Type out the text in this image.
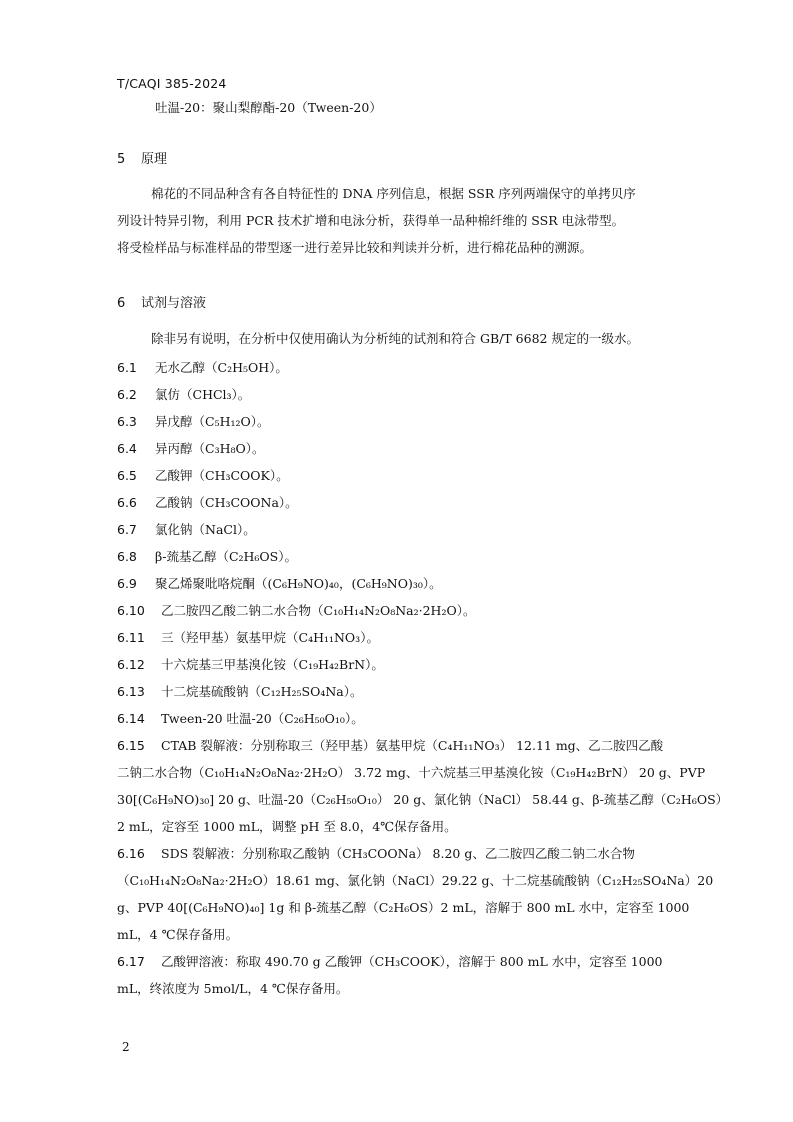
T/CAQI 385-2024
吐温-20：聚山梨醇酯-20（Tween-20）
5 原理
棉花的不同品种含有各自特征性的 DNA 序列信息，根据 SSR 序列两端保守的单拷贝序
列设计特异引物，利用 PCR 技术扩增和电泳分析，获得单一品种棉纤维的 SSR 电泳带型。
将受检样品与标准样品的带型逐一进行差异比较和判读并分析，进行棉花品种的溯源。
6 试剂与溶液
除非另有说明，在分析中仅使用确认为分析纯的试剂和符合 GB/T 6682 规定的一级水。
6.1 无水乙醇（C₂H₅OH）。
6.2 氯仿（CHCl₃）。
6.3 异戊醇（C₅H₁₂O）。
6.4 异丙醇（C₃H₈O）。
6.5 乙酸钾（CH₃COOK）。
6.6 乙酸钠（CH₃COONa）。
6.7 氯化钠（NaCl）。
6.8 β-巯基乙醇（C₂H₆OS）。
6.9 聚乙烯聚吡咯烷酮（(C₆H₉NO)₄₀，(C₆H₉NO)₃₀）。
6.10 乙二胺四乙酸二钠二水合物（C₁₀H₁₄N₂O₈Na₂·2H₂O）。
6.11 三（羟甲基）氨基甲烷（C₄H₁₁NO₃）。
6.12 十六烷基三甲基溴化铵（C₁₉H₄₂BrN）。
6.13 十二烷基硫酸钠（C₁₂H₂₅SO₄Na）。
6.14 Tween-20 吐温-20（C₂₆H₅₀O₁₀）。
6.15 CTAB 裂解液：分别称取三（羟甲基）氨基甲烷（C₄H₁₁NO₃） 12.11 mg、乙二胺四乙酸
二钠二水合物（C₁₀H₁₄N₂O₈Na₂·2H₂O） 3.72 mg、十六烷基三甲基溴化铵（C₁₉H₄₂BrN） 20 g、PVP
30[(C₆H₉NO)₃₀] 20 g、吐温-20（C₂₆H₅₀O₁₀） 20 g、氯化钠（NaCl） 58.44 g、β-巯基乙醇（C₂H₆OS）
2 mL，定容至 1000 mL，调整 pH 至 8.0，4℃保存备用。
6.16 SDS 裂解液：分别称取乙酸钠（CH₃COONa） 8.20 g、乙二胺四乙酸二钠二水合物
（C₁₀H₁₄N₂O₈Na₂·2H₂O）18.61 mg、氯化钠（NaCl）29.22 g、十二烷基硫酸钠（C₁₂H₂₅SO₄Na）20
g、PVP 40[(C₆H₉NO)₄₀] 1g 和 β-巯基乙醇（C₂H₆OS）2 mL，溶解于 800 mL 水中，定容至 1000
mL，4 ℃保存备用。
6.17 乙酸钾溶液：称取 490.70 g 乙酸钾（CH₃COOK），溶解于 800 mL 水中，定容至 1000
mL，终浓度为 5mol/L，4 ℃保存备用。
2
